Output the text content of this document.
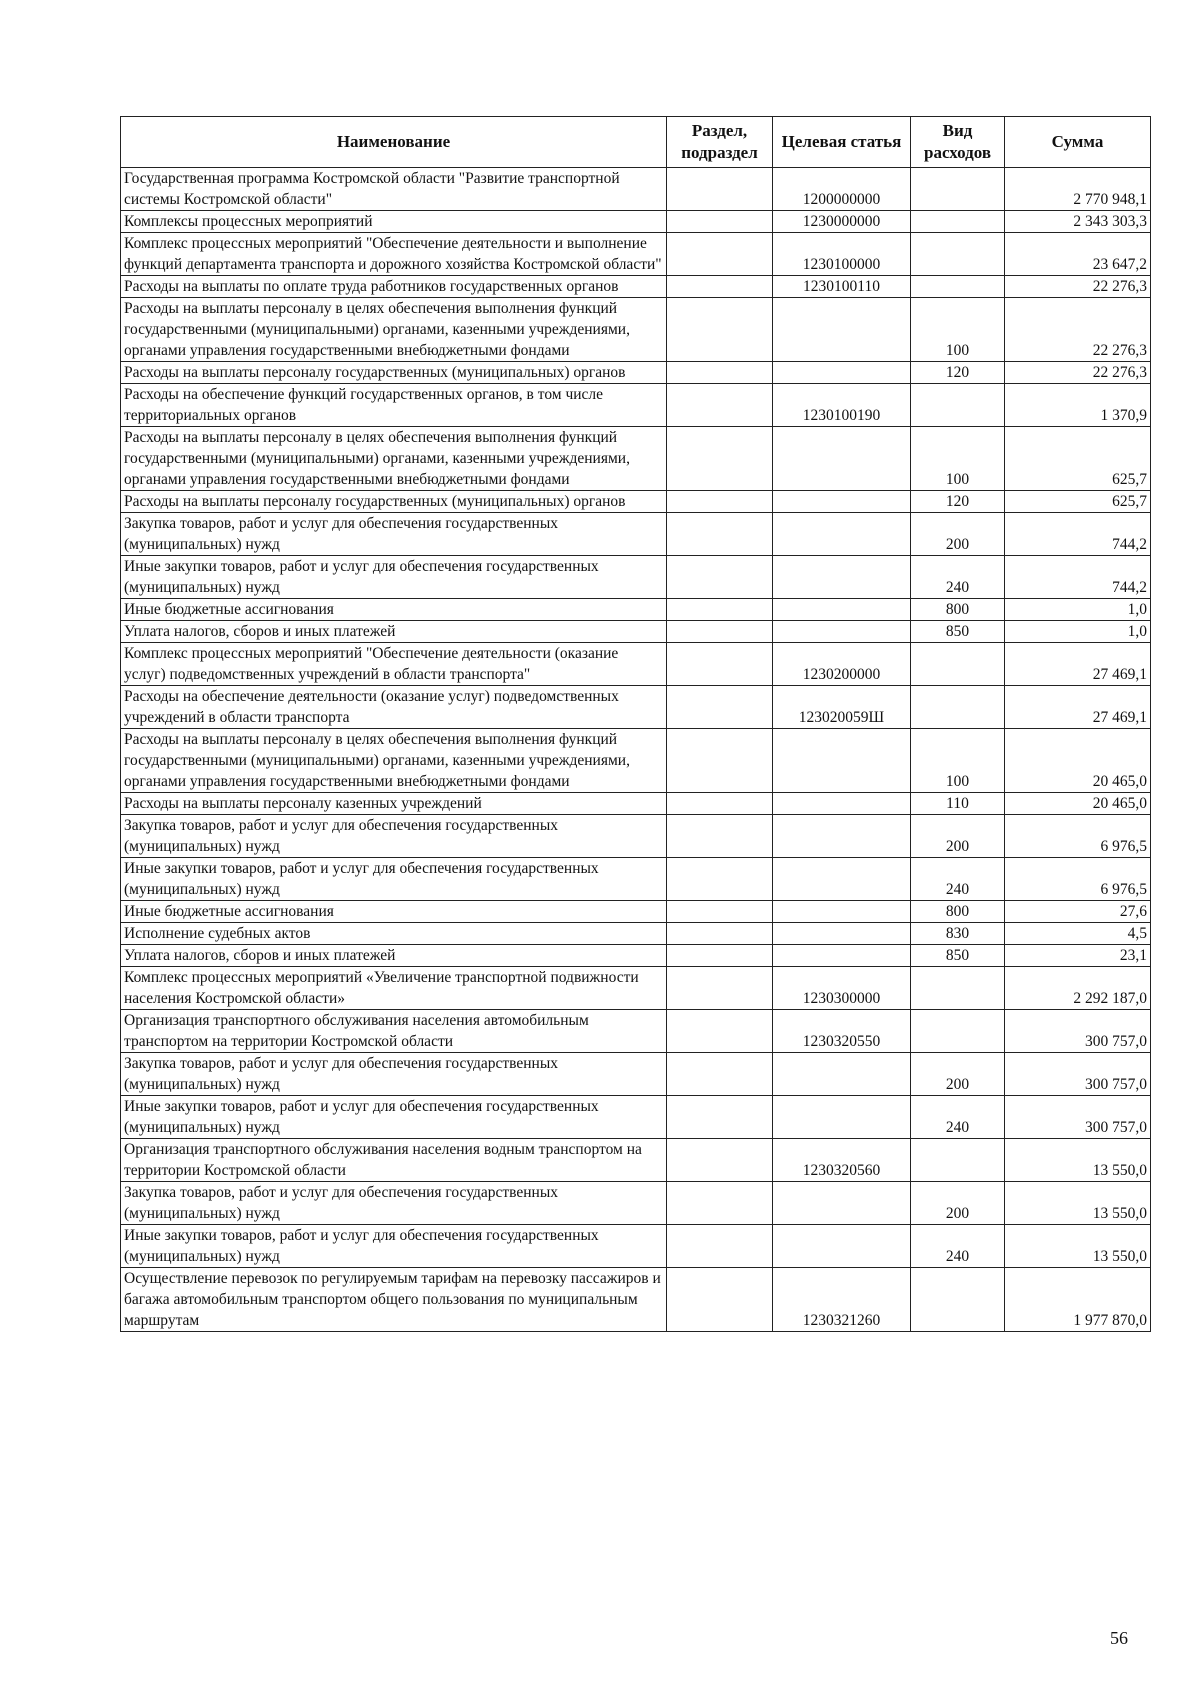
Наименование	Раздел, подраздел	Целевая статья	Вид расходов	Сумма
Государственная программа Костромской области "Развитие транспортной системы Костромской области"		1200000000		2 770 948,1
Комплексы процессных мероприятий		1230000000		2 343 303,3
Комплекс процессных мероприятий "Обеспечение деятельности и выполнение функций департамента транспорта и дорожного хозяйства Костромской области"		1230100000		23 647,2
Расходы на выплаты по оплате труда работников государственных органов		1230100110		22 276,3
Расходы на выплаты персоналу в целях обеспечения выполнения функций государственными (муниципальными) органами, казенными учреждениями, органами управления государственными внебюджетными фондами			100	22 276,3
Расходы на выплаты персоналу государственных (муниципальных) органов			120	22 276,3
Расходы на обеспечение функций государственных органов, в том числе территориальных органов		1230100190		1 370,9
Расходы на выплаты персоналу в целях обеспечения выполнения функций государственными (муниципальными) органами, казенными учреждениями, органами управления государственными внебюджетными фондами			100	625,7
Расходы на выплаты персоналу государственных (муниципальных) органов			120	625,7
Закупка товаров, работ и услуг для обеспечения государственных (муниципальных) нужд			200	744,2
Иные закупки товаров, работ и услуг для обеспечения государственных (муниципальных) нужд			240	744,2
Иные бюджетные ассигнования			800	1,0
Уплата налогов, сборов и иных платежей			850	1,0
Комплекс процессных мероприятий "Обеспечение деятельности (оказание услуг) подведомственных учреждений в области транспорта"		1230200000		27 469,1
Расходы на обеспечение деятельности (оказание услуг) подведомственных учреждений в области транспорта		123020059Ш		27 469,1
Расходы на выплаты персоналу в целях обеспечения выполнения функций государственными (муниципальными) органами, казенными учреждениями, органами управления государственными внебюджетными фондами			100	20 465,0
Расходы на выплаты персоналу казенных учреждений			110	20 465,0
Закупка товаров, работ и услуг для обеспечения государственных (муниципальных) нужд			200	6 976,5
Иные закупки товаров, работ и услуг для обеспечения государственных (муниципальных) нужд			240	6 976,5
Иные бюджетные ассигнования			800	27,6
Исполнение судебных актов			830	4,5
Уплата налогов, сборов и иных платежей			850	23,1
Комплекс процессных мероприятий «Увеличение транспортной подвижности населения Костромской области»		1230300000		2 292 187,0
Организация транспортного обслуживания населения автомобильным транспортом на территории Костромской области		1230320550		300 757,0
Закупка товаров, работ и услуг для обеспечения государственных (муниципальных) нужд			200	300 757,0
Иные закупки товаров, работ и услуг для обеспечения государственных (муниципальных) нужд			240	300 757,0
Организация транспортного обслуживания населения водным транспортом на территории Костромской области		1230320560		13 550,0
Закупка товаров, работ и услуг для обеспечения государственных (муниципальных) нужд			200	13 550,0
Иные закупки товаров, работ и услуг для обеспечения государственных (муниципальных) нужд			240	13 550,0
Осуществление перевозок по регулируемым тарифам на перевозку пассажиров и багажа автомобильным транспортом общего пользования по муниципальным маршрутам		1230321260		1 977 870,0
56
